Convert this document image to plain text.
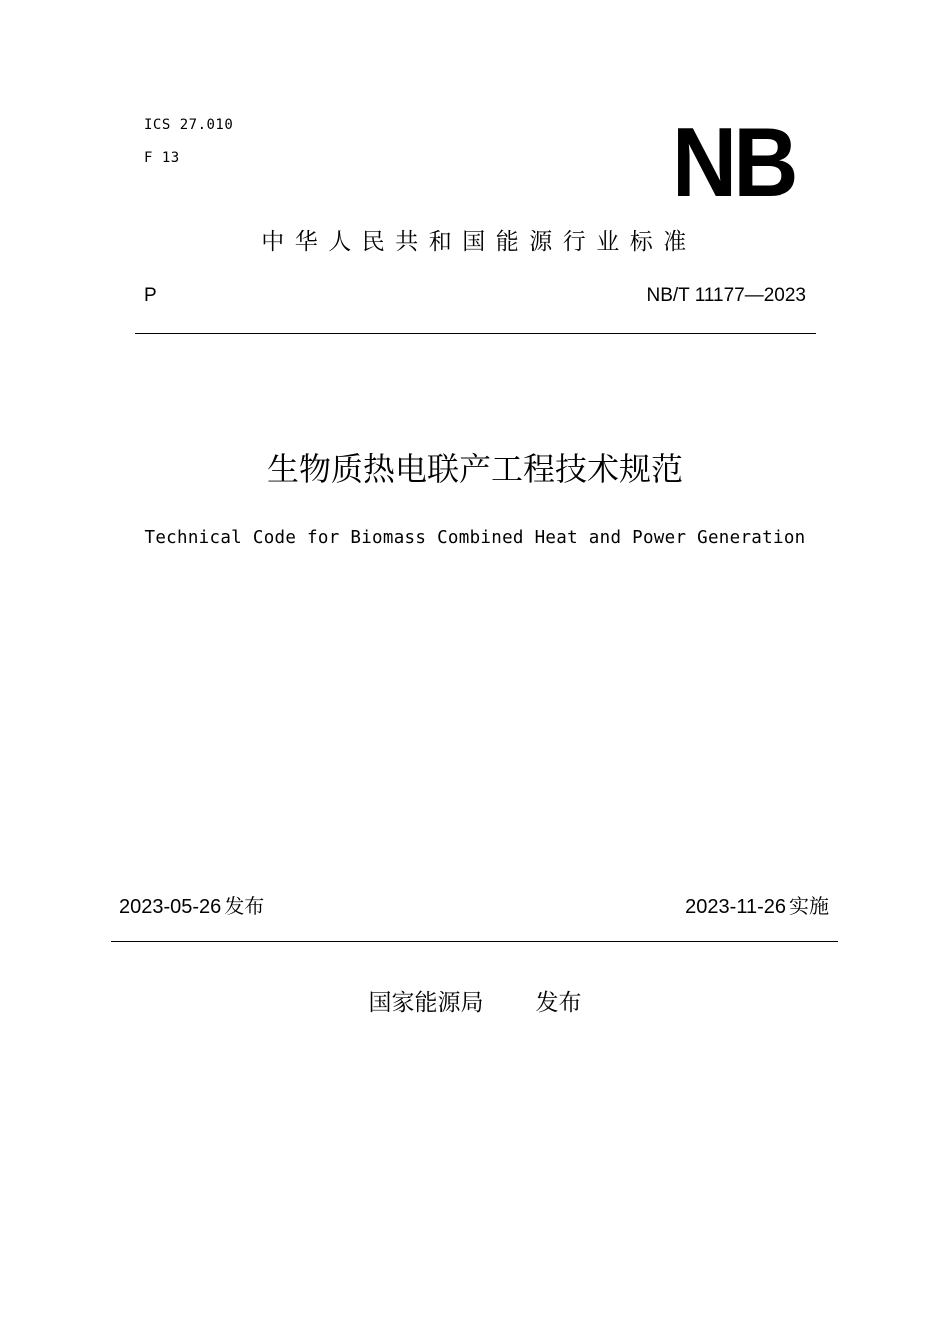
ICS 27.010
F 13	NB
中华人民共和国能源行业标准
P	NB/T 11177—2023
生物质热电联产工程技术规范
Technical Code for Biomass Combined Heat and Power Generation
2023-05-26 发布	2023-11-26 实施
国家能源局 发布
